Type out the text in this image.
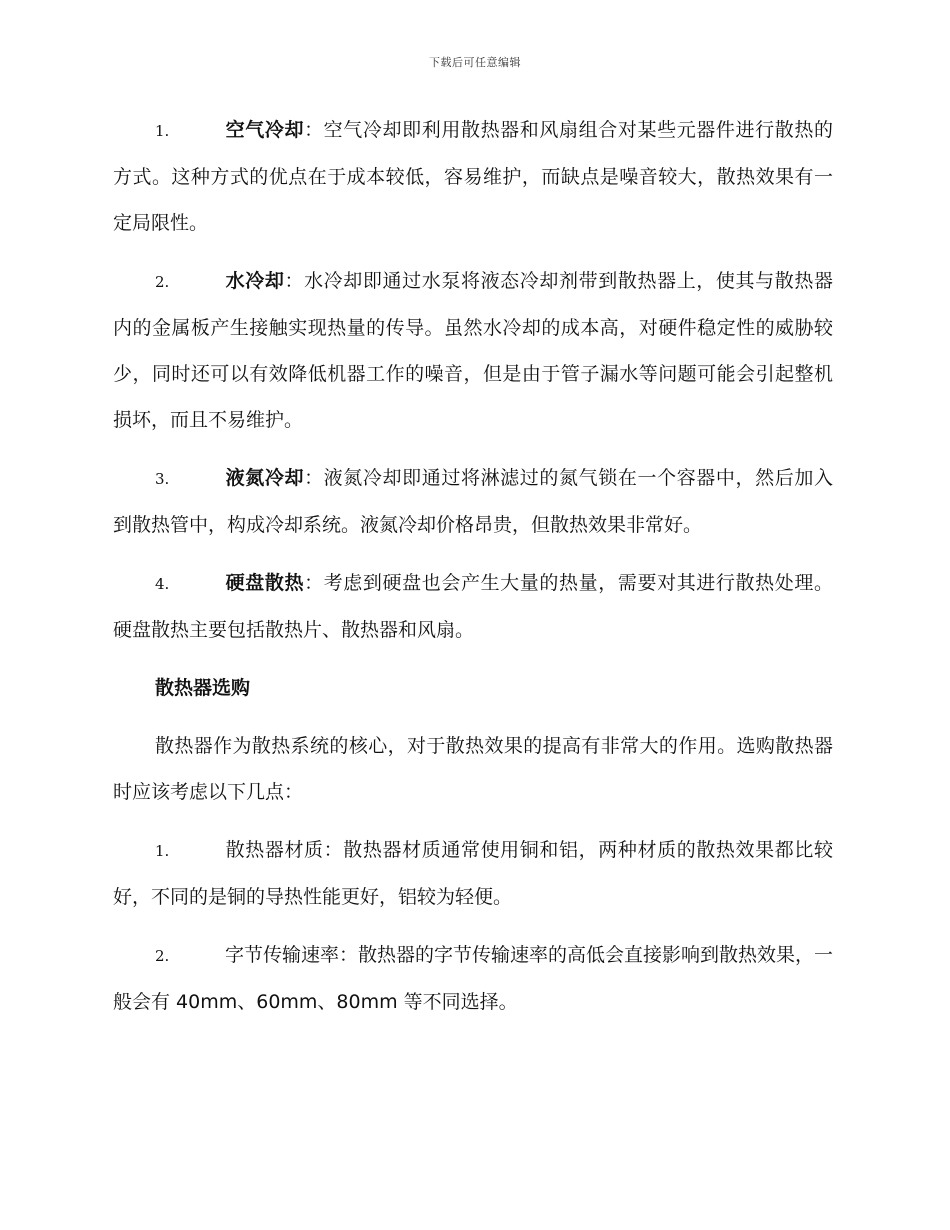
下载后可任意编辑
1.	空气冷却：空气冷却即利用散热器和风扇组合对某些元器件进行散热的方式。这种方式的优点在于成本较低，容易维护，而缺点是噪音较大，散热效果有一定局限性。
2.	水冷却：水冷却即通过水泵将液态冷却剂带到散热器上，使其与散热器内的金属板产生接触实现热量的传导。虽然水冷却的成本高，对硬件稳定性的威胁较少，同时还可以有效降低机器工作的噪音，但是由于管子漏水等问题可能会引起整机损坏，而且不易维护。
3.	液氮冷却：液氮冷却即通过将淋滤过的氮气锁在一个容器中，然后加入到散热管中，构成冷却系统。液氮冷却价格昂贵，但散热效果非常好。
4.	硬盘散热：考虑到硬盘也会产生大量的热量，需要对其进行散热处理。硬盘散热主要包括散热片、散热器和风扇。
散热器选购
散热器作为散热系统的核心，对于散热效果的提高有非常大的作用。选购散热器时应该考虑以下几点：
1.	散热器材质：散热器材质通常使用铜和铝，两种材质的散热效果都比较好，不同的是铜的导热性能更好，铝较为轻便。
2.	字节传输速率：散热器的字节传输速率的高低会直接影响到散热效果，一般会有 40mm、60mm、80mm 等不同选择。
